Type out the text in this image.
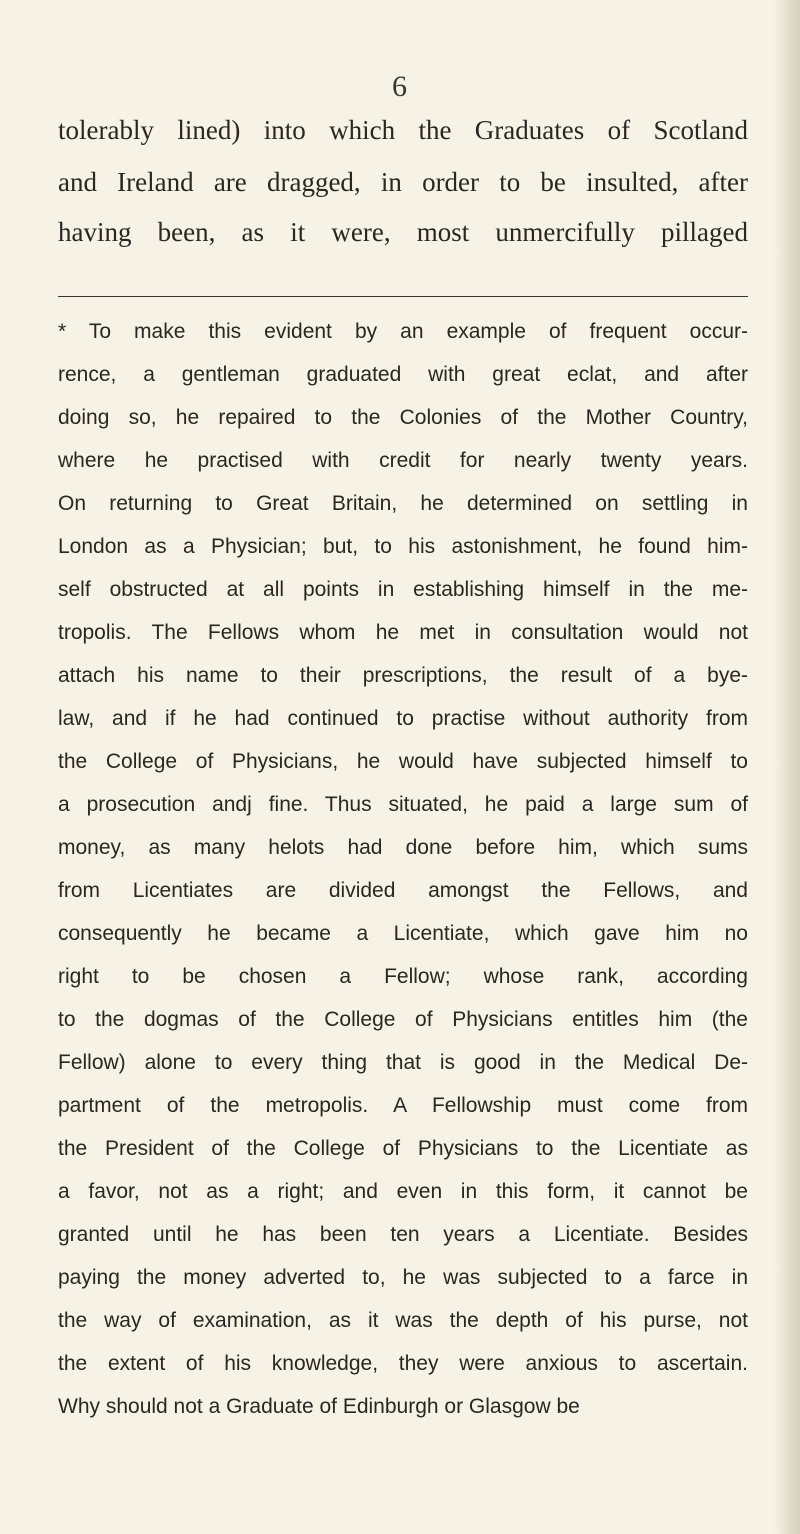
6
tolerably lined) into which the Graduates of Scotland
and Ireland are dragged, in order to be insulted, after
having been, as it were, most unmercifully pillaged
* To make this evident by an example of frequent occur-
rence, a gentleman graduated with great eclat, and after
doing so, he repaired to the Colonies of the Mother Country,
where he practised with credit for nearly twenty years.
On returning to Great Britain, he determined on settling in
London as a Physician; but, to his astonishment, he found him-
self obstructed at all points in establishing himself in the me-
tropolis. The Fellows whom he met in consultation would not
attach his name to their prescriptions, the result of a bye-
law, and if he had continued to practise without authority from
the College of Physicians, he would have subjected himself to
a prosecution andj fine. Thus situated, he paid a large sum of
money, as many helots had done before him, which sums
from Licentiates are divided amongst the Fellows, and
consequently he became a Licentiate, which gave him no
right to be chosen a Fellow; whose rank, according
to the dogmas of the College of Physicians entitles him (the
Fellow) alone to every thing that is good in the Medical De-
partment of the metropolis. A Fellowship must come from
the President of the College of Physicians to the Licentiate as
a favor, not as a right; and even in this form, it cannot be
granted until he has been ten years a Licentiate. Besides
paying the money adverted to, he was subjected to a farce in
the way of examination, as it was the depth of his purse, not
the extent of his knowledge, they were anxious to ascertain.
Why should not a Graduate of Edinburgh or Glasgow be
